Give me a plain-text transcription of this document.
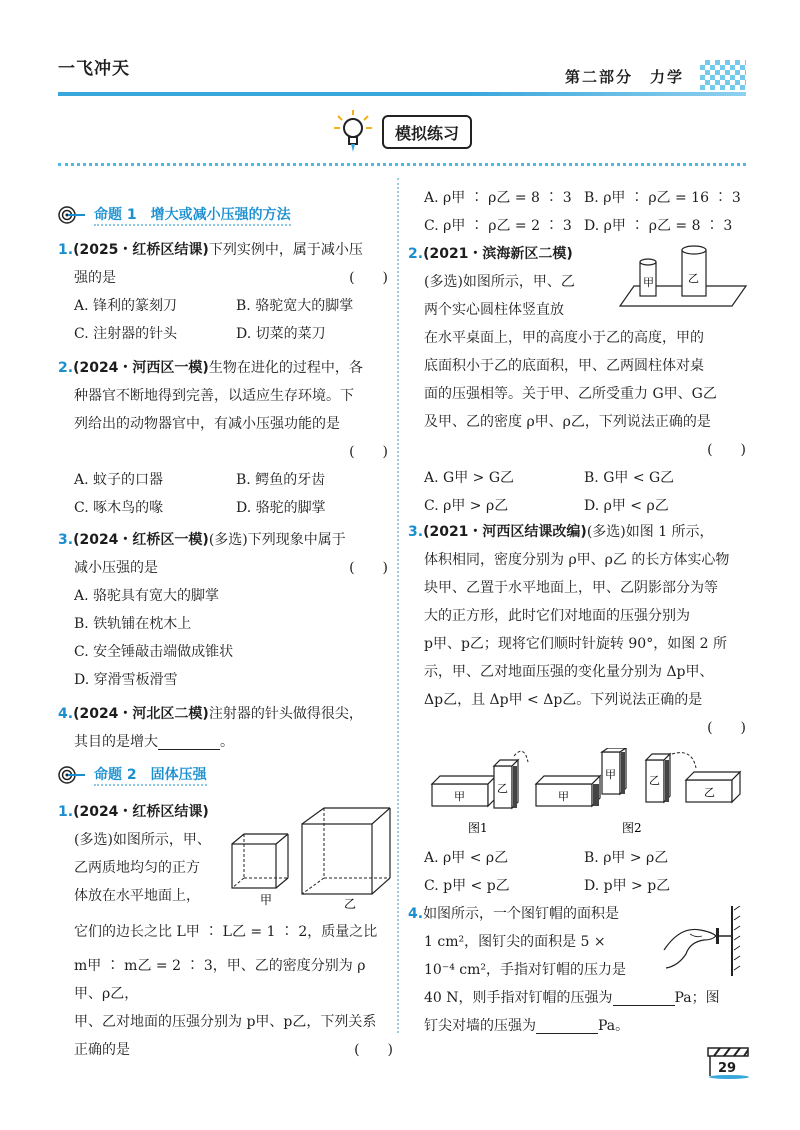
一飞冲天	第二部分　力学
模拟练习
命题 1　增大或减小压强的方法
1.(2025・红桥区结课)下列实例中，属于减小压
强的是	(　　)
A. 锋利的篆刻刀	B. 骆驼宽大的脚掌
C. 注射器的针头	D. 切菜的菜刀
2.(2024・河西区一模)生物在进化的过程中，各
种器官不断地得到完善，以适应生存环境。下
列给出的动物器官中，有减小压强功能的是
(　　)
A. 蚊子的口器	B. 鳄鱼的牙齿
C. 啄木鸟的喙	D. 骆驼的脚掌
3.(2024・红桥区一模)(多选)下列现象中属于
减小压强的是	(　　)
A. 骆驼具有宽大的脚掌
B. 铁轨铺在枕木上
C. 安全锤敲击端做成锥状
D. 穿滑雪板滑雪
4.(2024・河北区二模)注射器的针头做得很尖，
其目的是增大	。
命题 2　固体压强
1.(2024・红桥区结课)
(多选)如图所示，甲、
乙两质地均匀的正方
体放在水平地面上，
它们的边长之比 L甲 ∶ L乙 = 1 ∶ 2，质量之比
m甲 ∶ m乙 = 2 ∶ 3，甲、乙的密度分别为 ρ甲、ρ乙，
甲、乙对地面的压强分别为 p甲、p乙，下列关系
正确的是	(　　)
甲	乙
A. ρ甲 ∶ ρ乙 = 8 ∶ 3 B. ρ甲 ∶ ρ乙 = 16 ∶ 3
C. ρ甲 ∶ ρ乙 = 2 ∶ 3 D. ρ甲 ∶ ρ乙 = 8 ∶ 3
2.(2021・滨海新区二模)
(多选)如图所示，甲、乙
两个实心圆柱体竖直放
在水平桌面上，甲的高度小于乙的高度，甲的
底面积小于乙的底面积，甲、乙两圆柱体对桌
面的压强相等。关于甲、乙所受重力 G甲、G乙
及甲、乙的密度 ρ甲、ρ乙，下列说法正确的是
(　　)
A. G甲 > G乙	B. G甲 < G乙
C. ρ甲 > ρ乙	D. ρ甲 < ρ乙
甲	乙
3.(2021・河西区结课改编)(多选)如图 1 所示，
体积相同，密度分别为 ρ甲、ρ乙 的长方体实心物
块甲、乙置于水平地面上，甲、乙阴影部分为等
大的正方形，此时它们对地面的压强分别为
p甲、p乙；现将它们顺时针旋转 90°，如图 2 所
示，甲、乙对地面压强的变化量分别为 Δp甲、
Δp乙，且 Δp甲 < Δp乙。下列说法正确的是
(　　)
甲
乙
甲
甲	乙
乙
图1	图2
A. ρ甲 < ρ乙	B. ρ甲 > ρ乙
C. p甲 < p乙	D. p甲 > p乙
4.如图所示，一个图钉帽的面积是
1 cm²，图钉尖的面积是 5 ×
10⁻⁴ cm²，手指对钉帽的压力是
40 N，则手指对钉帽的压强为	Pa；图
钉尖对墙的压强为	Pa。
29
